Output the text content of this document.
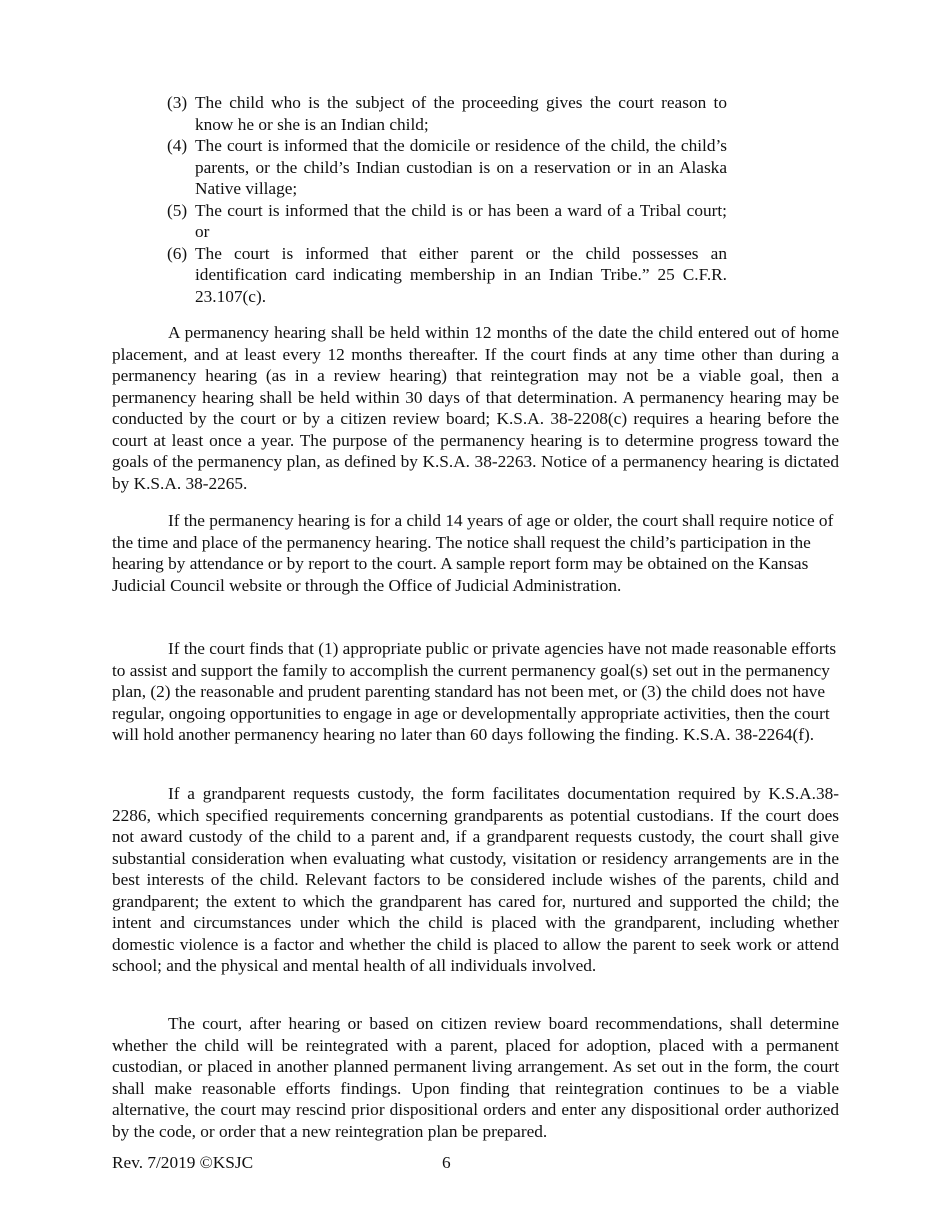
(3) The child who is the subject of the proceeding gives the court reason to know he or she is an Indian child;
(4) The court is informed that the domicile or residence of the child, the child’s parents, or the child’s Indian custodian is on a reservation or in an Alaska Native village;
(5) The court is informed that the child is or has been a ward of a Tribal court; or
(6) The court is informed that either parent or the child possesses an identification card indicating membership in an Indian Tribe.” 25 C.F.R. 23.107(c).

A permanency hearing shall be held within 12 months of the date the child entered out of home placement, and at least every 12 months thereafter. If the court finds at any time other than during a permanency hearing (as in a review hearing) that reintegration may not be a viable goal, then a permanency hearing shall be held within 30 days of that determination. A permanency hearing may be conducted by the court or by a citizen review board; K.S.A. 38-2208(c) requires a hearing before the court at least once a year. The purpose of the permanency hearing is to determine progress toward the goals of the permanency plan, as defined by K.S.A. 38-2263. Notice of a permanency hearing is dictated by K.S.A. 38-2265.

If the permanency hearing is for a child 14 years of age or older, the court shall require notice of the time and place of the permanency hearing. The notice shall request the child’s participation in the hearing by attendance or by report to the court. A sample report form may be obtained on the Kansas Judicial Council website or through the Office of Judicial Administration.

If the court finds that (1) appropriate public or private agencies have not made reasonable efforts to assist and support the family to accomplish the current permanency goal(s) set out in the permanency plan, (2) the reasonable and prudent parenting standard has not been met, or (3) the child does not have regular, ongoing opportunities to engage in age or developmentally appropriate activities, then the court will hold another permanency hearing no later than 60 days following the finding. K.S.A. 38-2264(f).

If a grandparent requests custody, the form facilitates documentation required by K.S.A.38-2286, which specified requirements concerning grandparents as potential custodians. If the court does not award custody of the child to a parent and, if a grandparent requests custody, the court shall give substantial consideration when evaluating what custody, visitation or residency arrangements are in the best interests of the child. Relevant factors to be considered include wishes of the parents, child and grandparent; the extent to which the grandparent has cared for, nurtured and supported the child; the intent and circumstances under which the child is placed with the grandparent, including whether domestic violence is a factor and whether the child is placed to allow the parent to seek work or attend school; and the physical and mental health of all individuals involved.

The court, after hearing or based on citizen review board recommendations, shall determine whether the child will be reintegrated with a parent, placed for adoption, placed with a permanent custodian, or placed in another planned permanent living arrangement. As set out in the form, the court shall make reasonable efforts findings. Upon finding that reintegration continues to be a viable alternative, the court may rescind prior dispositional orders and enter any dispositional order authorized by the code, or order that a new reintegration plan be prepared.

Rev. 7/2019 ©KSJC	6
